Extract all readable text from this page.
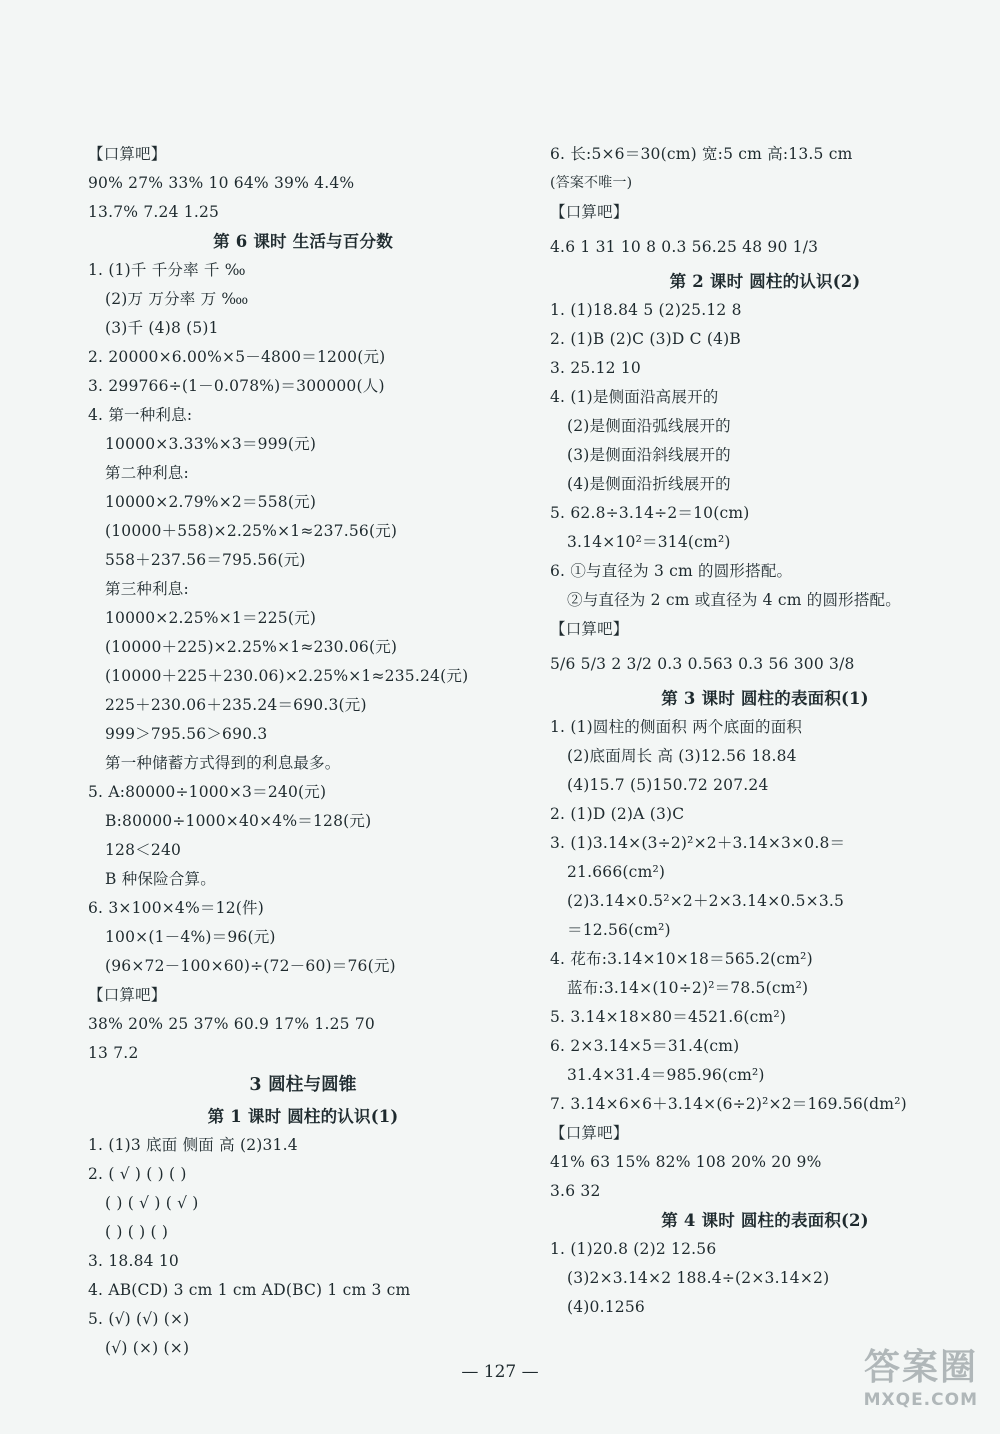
【口算吧】
90% 27% 33% 10 64% 39% 4.4%
13.7% 7.24 1.25
第 6 课时 生活与百分数
1. (1)千 千分率 千 ‰
(2)万 万分率 万 ‱
(3)千 (4)8 (5)1
2. 20000×6.00%×5－4800＝1200(元)
3. 299766÷(1－0.078%)＝300000(人)
4. 第一种利息:
10000×3.33%×3＝999(元)
第二种利息:
10000×2.79%×2＝558(元)
(10000＋558)×2.25%×1≈237.56(元)
558＋237.56＝795.56(元)
第三种利息:
10000×2.25%×1＝225(元)
(10000＋225)×2.25%×1≈230.06(元)
(10000＋225＋230.06)×2.25%×1≈235.24(元)
225＋230.06＋235.24＝690.3(元)
999＞795.56＞690.3
第一种储蓄方式得到的利息最多。
5. A:80000÷1000×3＝240(元)
B:80000÷1000×40×4%＝128(元)
128＜240
B 种保险合算。
6. 3×100×4%＝12(件)
100×(1－4%)＝96(元)
(96×72－100×60)÷(72－60)＝76(元)
【口算吧】
38% 20% 25 37% 60.9 17% 1.25 70
13 7.2
3 圆柱与圆锥
第 1 课时 圆柱的认识(1)
1. (1)3 底面 侧面 高 (2)31.4
2. ( √ ) ( ) ( )
( ) ( √ ) ( √ )
( ) ( ) ( )
3. 18.84 10
4. AB(CD) 3 cm 1 cm AD(BC) 1 cm 3 cm
5. (√) (√) (×)
(√) (×) (×)
6. 长:5×6＝30(cm) 宽:5 cm 高:13.5 cm
(答案不唯一)
【口算吧】
4.6 1 31 10 8 0.3 56.25 48 90 1/3
第 2 课时 圆柱的认识(2)
1. (1)18.84 5 (2)25.12 8
2. (1)B (2)C (3)D C (4)B
3. 25.12 10
4. (1)是侧面沿高展开的
(2)是侧面沿弧线展开的
(3)是侧面沿斜线展开的
(4)是侧面沿折线展开的
5. 62.8÷3.14÷2＝10(cm)
3.14×10²＝314(cm²)
6. ①与直径为 3 cm 的圆形搭配。
②与直径为 2 cm 或直径为 4 cm 的圆形搭配。
【口算吧】
5/6 5/3 2 3/2 0.3 0.563 0.3 56 300 3/8
第 3 课时 圆柱的表面积(1)
1. (1)圆柱的侧面积 两个底面的面积
(2)底面周长 高 (3)12.56 18.84
(4)15.7 (5)150.72 207.24
2. (1)D (2)A (3)C
3. (1)3.14×(3÷2)²×2＋3.14×3×0.8＝
21.666(cm²)
(2)3.14×0.5²×2＋2×3.14×0.5×3.5
＝12.56(cm²)
4. 花布:3.14×10×18＝565.2(cm²)
蓝布:3.14×(10÷2)²＝78.5(cm²)
5. 3.14×18×80＝4521.6(cm²)
6. 2×3.14×5＝31.4(cm)
31.4×31.4＝985.96(cm²)
7. 3.14×6×6＋3.14×(6÷2)²×2＝169.56(dm²)
【口算吧】
41% 63 15% 82% 108 20% 20 9%
3.6 32
第 4 课时 圆柱的表面积(2)
1. (1)20.8 (2)2 12.56
(3)2×3.14×2 188.4÷(2×3.14×2)
(4)0.1256
— 127 —	答案圈
MXQE.COM
